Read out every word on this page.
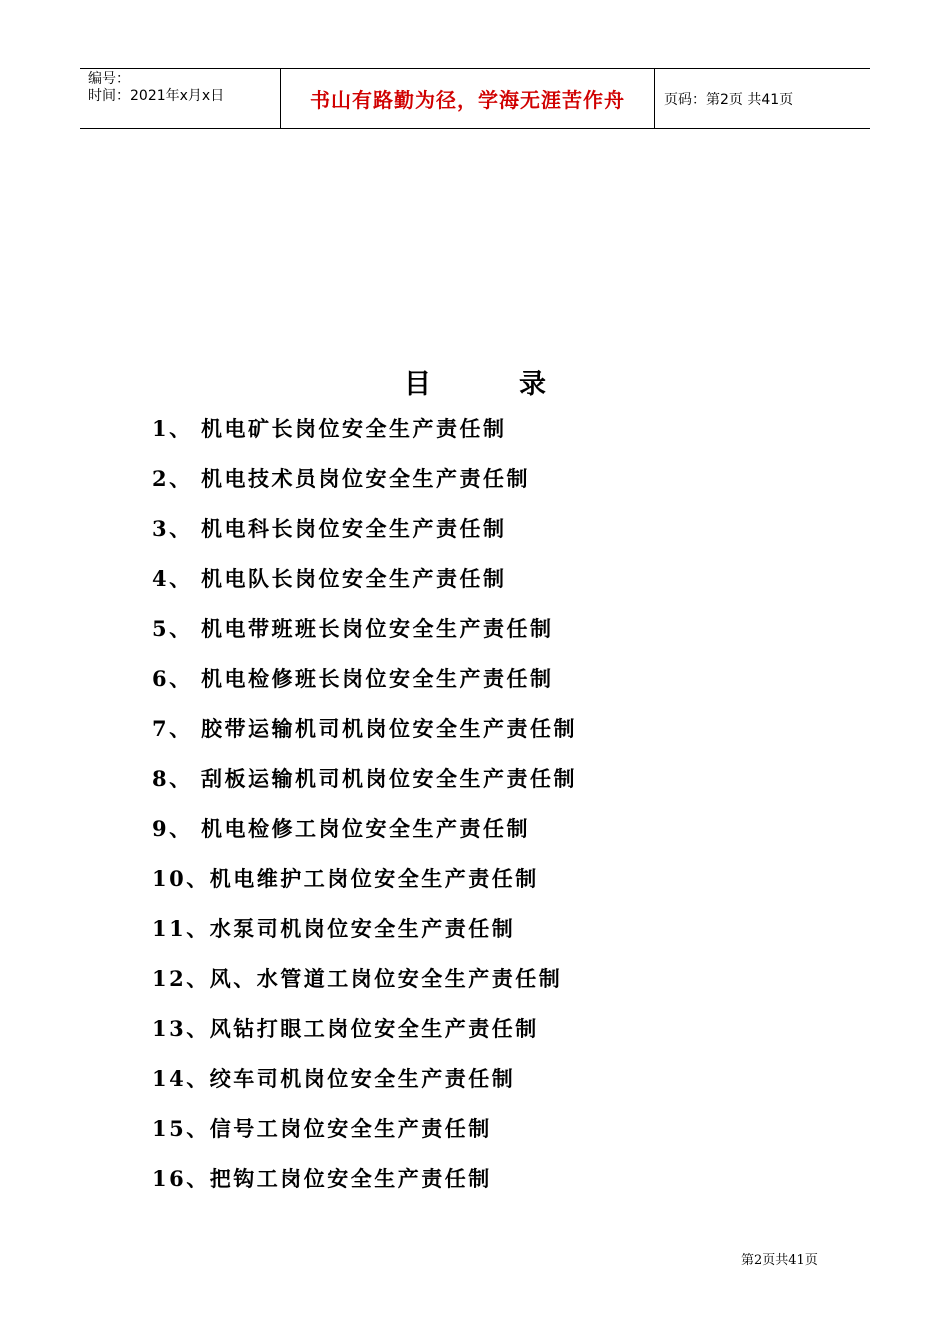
编号：
时间：2021年x月x日	书山有路勤为径，学海无涯苦作舟	页码：第2页 共41页
目录
1、 机电矿长岗位安全生产责任制
2、 机电技术员岗位安全生产责任制
3、 机电科长岗位安全生产责任制
4、 机电队长岗位安全生产责任制
5、 机电带班班长岗位安全生产责任制
6、 机电检修班长岗位安全生产责任制
7、 胶带运输机司机岗位安全生产责任制
8、 刮板运输机司机岗位安全生产责任制
9、 机电检修工岗位安全生产责任制
10、机电维护工岗位安全生产责任制
11、水泵司机岗位安全生产责任制
12、风、水管道工岗位安全生产责任制
13、风钻打眼工岗位安全生产责任制
14、绞车司机岗位安全生产责任制
15、信号工岗位安全生产责任制
16、把钩工岗位安全生产责任制
第2页共41页
